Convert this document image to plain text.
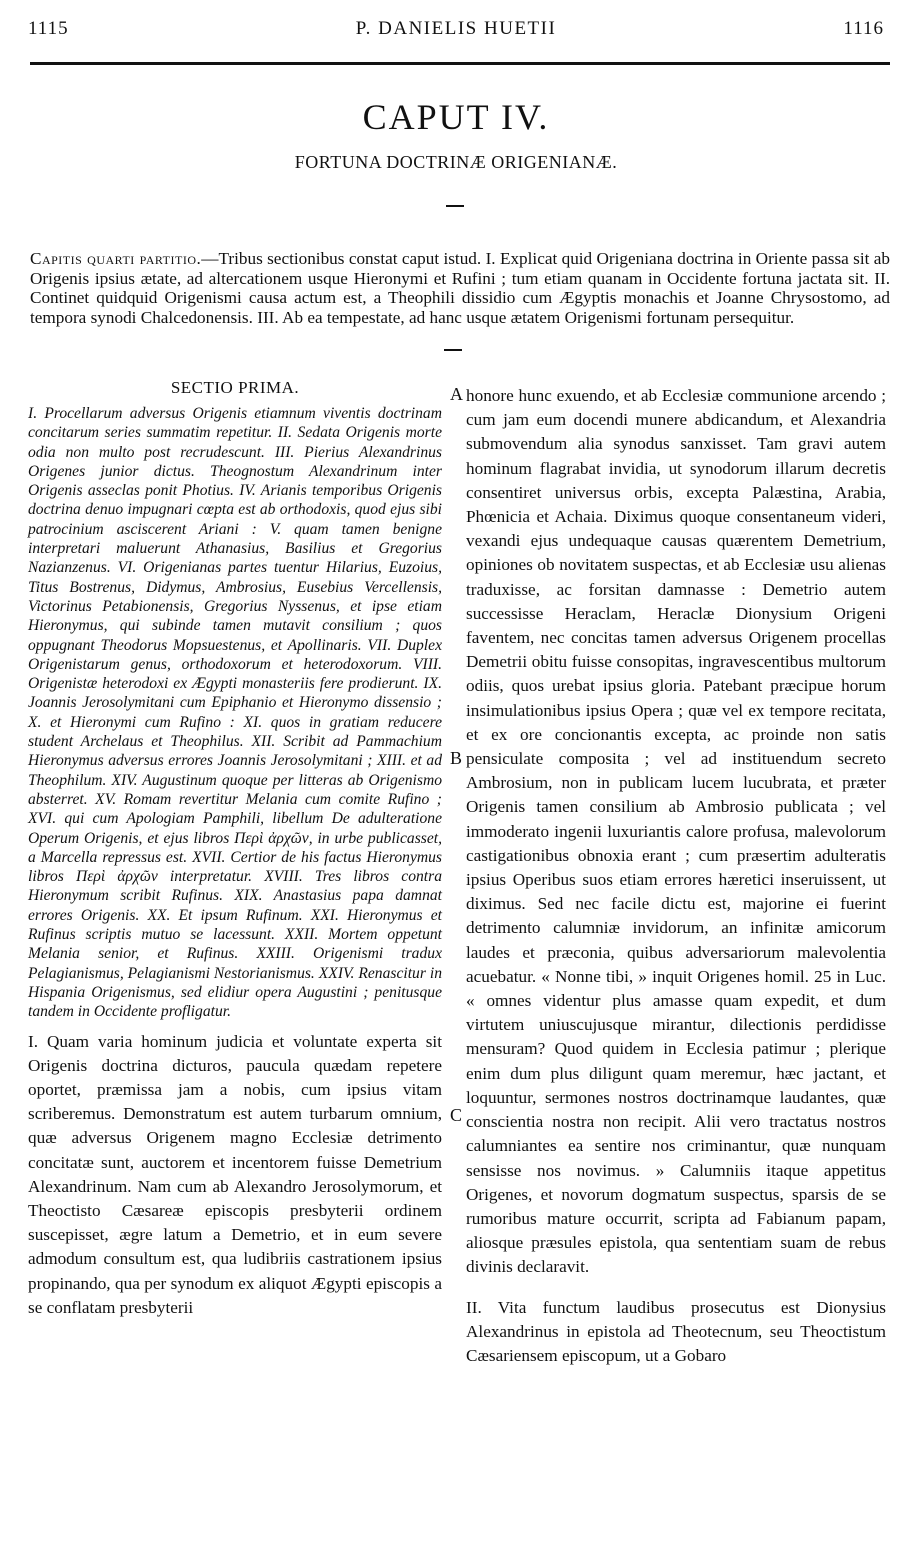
1115	P. DANIELIS HUETII	1116
CAPUT IV.
FORTUNA DOCTRINÆ ORIGENIANÆ.

Capitis quarti partitio.—Tribus sectionibus constat caput istud. I. Explicat quid Origeniana doctrina in Oriente passa sit ab Origenis ipsius ætate, ad altercationem usque Hieronymi et Rufini ; tum etiam quanam in Occidente fortuna jactata sit. II. Continet quidquid Origenismi causa actum est, a Theophili dissidio cum Ægyptis monachis et Joanne Chrysostomo, ad tempora synodi Chalcedonensis. III. Ab ea tempestate, ad hanc usque ætatem Origenismi fortunam persequitur.

SECTIO PRIMA.

I. Procellarum adversus Origenis etiamnum viventis doctrinam concitarum series summatim repetitur. II. Sedata Origenis morte odia non multo post recrudescunt. III. Pierius Alexandrinus Origenes junior dictus. Theognostum Alexandrinum inter Origenis asseclas ponit Photius. IV. Arianis temporibus Origenis doctrina denuo impugnari cœpta est ab orthodoxis, quod ejus sibi patrocinium asciscerent Ariani : V. quam tamen benigne interpretari maluerunt Athanasius, Basilius et Gregorius Nazianzenus. VI. Origenianas partes tuentur Hilarius, Euzoius, Titus Bostrenus, Didymus, Ambrosius, Eusebius Vercellensis, Victorinus Petabionensis, Gregorius Nyssenus, et ipse etiam Hieronymus, qui subinde tamen mutavit consilium ; quos oppugnant Theodorus Mopsuestenus, et Apollinaris. VII. Duplex Origenistarum genus, orthodoxorum et heterodoxorum. VIII. Origenistæ heterodoxi ex Ægypti monasteriis fere prodierunt. IX. Joannis Jerosolymitani cum Epiphanio et Hieronymo dissensio ; X. et Hieronymi cum Rufino : XI. quos in gratiam reducere student Archelaus et Theophilus. XII. Scribit ad Pammachium Hieronymus adversus errores Joannis Jerosolymitani ; XIII. et ad Theophilum. XIV. Augustinum quoque per litteras ab Origenismo absterret. XV. Romam revertitur Melania cum comite Rufino ; XVI. qui cum Apologiam Pamphili, libellum De adulteratione Operum Origenis, et ejus libros Περὶ ἀρχῶν, in urbe publicasset, a Marcella repressus est. XVII. Certior de his factus Hieronymus libros Περὶ ἀρχῶν interpretatur. XVIII. Tres libros contra Hieronymum scribit Rufinus. XIX. Anastasius papa damnat errores Origenis. XX. Et ipsum Rufinum. XXI. Hieronymus et Rufinus scriptis mutuo se lacessunt. XXII. Mortem oppetunt Melania senior, et Rufinus. XXIII. Origenismi tradux Pelagianismus, Pelagianismi Nestorianismus. XXIV. Renascitur in Hispania Origenismus, sed elidiur opera Augustini ; penitusque tandem in Occidente profligatur.

I. Quam varia hominum judicia et voluntate experta sit Origenis doctrina dicturos, paucula quædam repetere oportet, præmissa jam a nobis, cum ipsius vitam scriberemus. Demonstratum est autem turbarum omnium, quæ adversus Origenem magno Ecclesiæ detrimento concitatæ sunt, auctorem et incentorem fuisse Demetrium Alexandrinum. Nam cum ab Alexandro Jerosolymorum, et Theoctisto Cæsareæ episcopis presbyterii ordinem suscepisset, ægre latum a Demetrio, et in eum severe admodum consultum est, qua ludibriis castrationem ipsius propinando, qua per synodum ex aliquot Ægypti episcopis a se conflatam presbyterii

A
B
C

honore hunc exuendo, et ab Ecclesiæ communione arcendo ; cum jam eum docendi munere abdicandum, et Alexandria submovendum alia synodus sanxisset. Tam gravi autem hominum flagrabat invidia, ut synodorum illarum decretis consentiret universus orbis, excepta Palæstina, Arabia, Phœnicia et Achaia. Diximus quoque consentaneum videri, vexandi ejus undequaque causas quærentem Demetrium, opiniones ob novitatem suspectas, et ab Ecclesiæ usu alienas traduxisse, ac forsitan damnasse : Demetrio autem successisse Heraclam, Heraclæ Dionysium Origeni faventem, nec concitas tamen adversus Origenem procellas Demetrii obitu fuisse consopitas, ingravescentibus multorum odiis, quos urebat ipsius gloria. Patebant præcipue horum insimulationibus ipsius Opera ; quæ vel ex tempore recitata, et ex ore concionantis excepta, ac proinde non satis pensiculate composita ; vel ad instituendum secreto Ambrosium, non in publicam lucem lucubrata, et præter Origenis tamen consilium ab Ambrosio publicata ; vel immoderato ingenii luxuriantis calore profusa, malevolorum castigationibus obnoxia erant ; cum præsertim adulteratis ipsius Operibus suos etiam errores hæretici inseruissent, ut diximus. Sed nec facile dictu est, majorine ei fuerint detrimento calumniæ invidorum, an infinitæ amicorum laudes et præconia, quibus adversariorum malevolentia acuebatur. « Nonne tibi, » inquit Origenes homil. 25 in Luc. « omnes videntur plus amasse quam expedit, et dum virtutem uniuscujusque mirantur, dilectionis perdidisse mensuram? Quod quidem in Ecclesia patimur ; plerique enim dum plus diligunt quam meremur, hæc jactant, et loquuntur, sermones nostros doctrinamque laudantes, quæ conscientia nostra non recipit. Alii vero tractatus nostros calumniantes ea sentire nos criminantur, quæ nunquam sensisse nos novimus. » Calumniis itaque appetitus Origenes, et novorum dogmatum suspectus, sparsis de se rumoribus mature occurrit, scripta ad Fabianum papam, aliosque præsules epistola, qua sententiam suam de rebus divinis declaravit.

II. Vita functum laudibus prosecutus est Dionysius Alexandrinus in epistola ad Theotecnum, seu Theoctistum Cæsariensem episcopum, ut a Gobaro
